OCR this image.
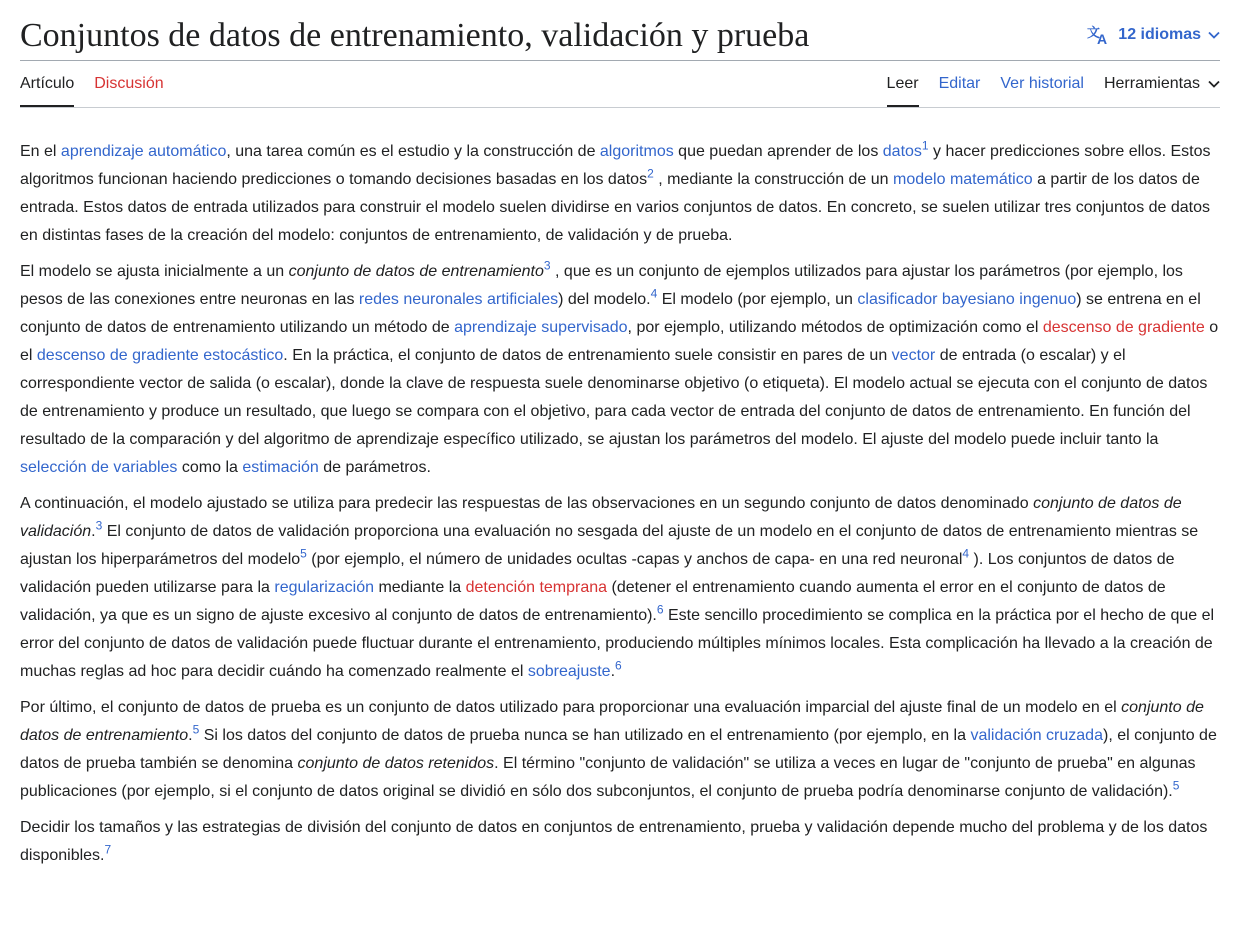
Conjuntos de datos de entrenamiento, validación y prueba	文
A 12 idiomas
Artículo Discusión	Leer Editar Ver historial Herramientas

En el aprendizaje automático, una tarea común es el estudio y la construcción de algoritmos que puedan aprender de los datos$^1$ y hacer predicciones sobre ellos. Estos algoritmos funcionan haciendo predicciones o tomando decisiones basadas en los datos$^2$ , mediante la construcción de un modelo matemático a partir de los datos de entrada. Estos datos de entrada utilizados para construir el modelo suelen dividirse en varios conjuntos de datos. En concreto, se suelen utilizar tres conjuntos de datos en distintas fases de la creación del modelo: conjuntos de entrenamiento, de validación y de prueba.

El modelo se ajusta inicialmente a un conjunto de datos de entrenamiento$^3$ , que es un conjunto de ejemplos utilizados para ajustar los parámetros (por ejemplo, los pesos de las conexiones entre neuronas en las redes neuronales artificiales) del modelo.$^4$ El modelo (por ejemplo, un clasificador bayesiano ingenuo) se entrena en el conjunto de datos de entrenamiento utilizando un método de aprendizaje supervisado, por ejemplo, utilizando métodos de optimización como el descenso de gradiente o el descenso de gradiente estocástico. En la práctica, el conjunto de datos de entrenamiento suele consistir en pares de un vector de entrada (o escalar) y el correspondiente vector de salida (o escalar), donde la clave de respuesta suele denominarse objetivo (o etiqueta). El modelo actual se ejecuta con el conjunto de datos de entrenamiento y produce un resultado, que luego se compara con el objetivo, para cada vector de entrada del conjunto de datos de entrenamiento. En función del resultado de la comparación y del algoritmo de aprendizaje específico utilizado, se ajustan los parámetros del modelo. El ajuste del modelo puede incluir tanto la selección de variables como la estimación de parámetros.

A continuación, el modelo ajustado se utiliza para predecir las respuestas de las observaciones en un segundo conjunto de datos denominado conjunto de datos de validación.$^3$ El conjunto de datos de validación proporciona una evaluación no sesgada del ajuste de un modelo en el conjunto de datos de entrenamiento mientras se ajustan los hiperparámetros del modelo$^5$ (por ejemplo, el número de unidades ocultas -capas y anchos de capa- en una red neuronal$^4$ ). Los conjuntos de datos de validación pueden utilizarse para la regularización mediante la detención temprana (detener el entrenamiento cuando aumenta el error en el conjunto de datos de validación, ya que es un signo de ajuste excesivo al conjunto de datos de entrenamiento).$^6$ Este sencillo procedimiento se complica en la práctica por el hecho de que el error del conjunto de datos de validación puede fluctuar durante el entrenamiento, produciendo múltiples mínimos locales. Esta complicación ha llevado a la creación de muchas reglas ad hoc para decidir cuándo ha comenzado realmente el sobreajuste.$^6$

Por último, el conjunto de datos de prueba es un conjunto de datos utilizado para proporcionar una evaluación imparcial del ajuste final de un modelo en el conjunto de datos de entrenamiento.$^5$ Si los datos del conjunto de datos de prueba nunca se han utilizado en el entrenamiento (por ejemplo, en la validación cruzada), el conjunto de datos de prueba también se denomina conjunto de datos retenidos. El término "conjunto de validación" se utiliza a veces en lugar de "conjunto de prueba" en algunas publicaciones (por ejemplo, si el conjunto de datos original se dividió en sólo dos subconjuntos, el conjunto de prueba podría denominarse conjunto de validación).$^5$

Decidir los tamaños y las estrategias de división del conjunto de datos en conjuntos de entrenamiento, prueba y validación depende mucho del problema y de los datos disponibles.$^7$
